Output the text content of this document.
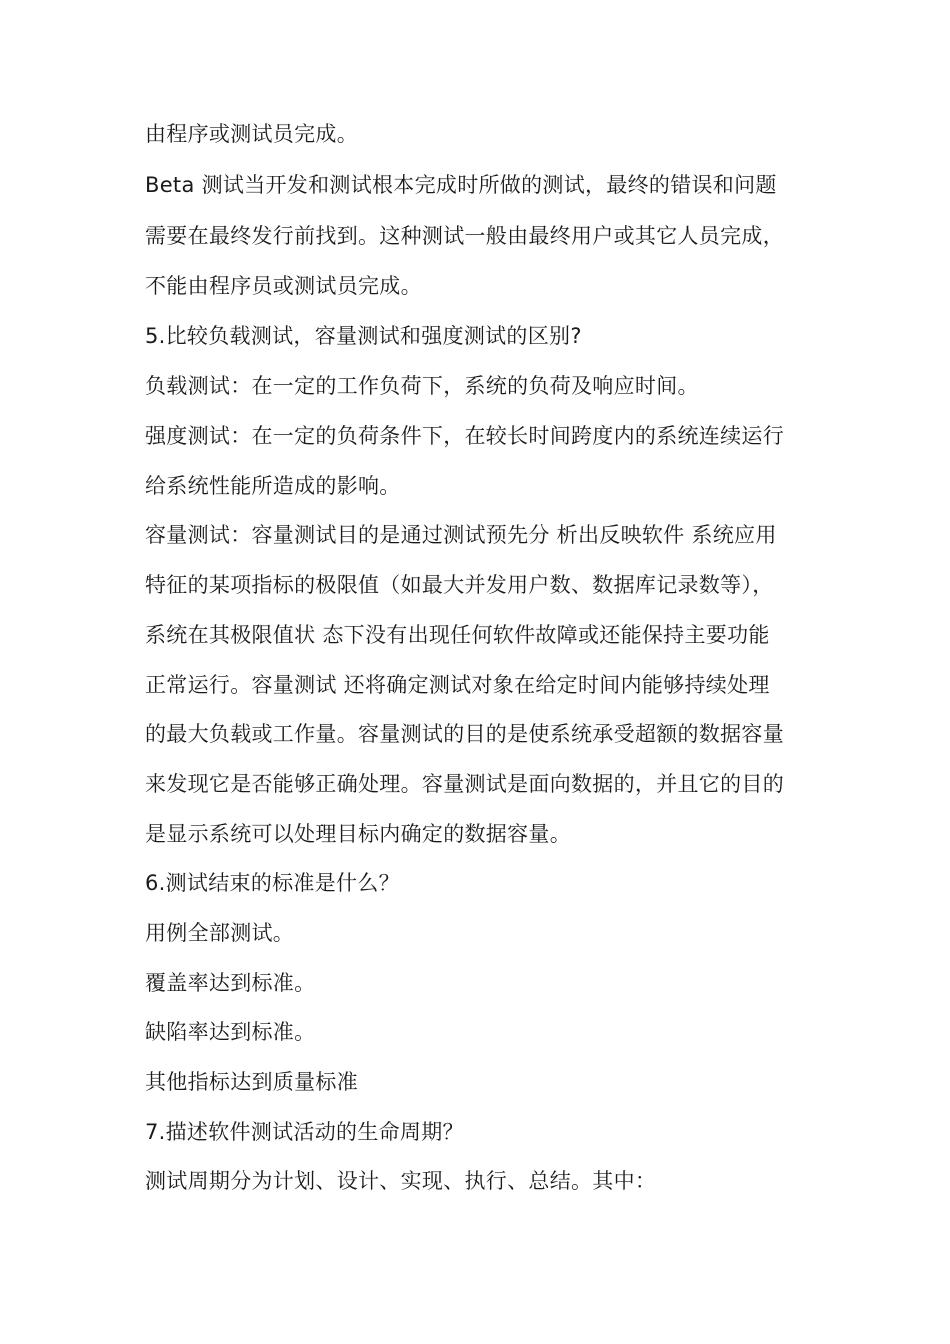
由程序或测试员完成。
Beta 测试当开发和测试根本完成时所做的测试，最终的错误和问题
需要在最终发行前找到。这种测试一般由最终用户或其它人员完成，
不能由程序员或测试员完成。
5.比较负载测试，容量测试和强度测试的区别?
负载测试：在一定的工作负荷下，系统的负荷及响应时间。
强度测试：在一定的负荷条件下，在较长时间跨度内的系统连续运行
给系统性能所造成的影响。
容量测试：容量测试目的是通过测试预先分 析出反映软件 系统应用
特征的某项指标的极限值（如最大并发用户数、数据库记录数等），
系统在其极限值状 态下没有出现任何软件故障或还能保持主要功能
正常运行。容量测试 还将确定测试对象在给定时间内能够持续处理
的最大负载或工作量。容量测试的目的是使系统承受超额的数据容量
来发现它是否能够正确处理。容量测试是面向数据的，并且它的目的
是显示系统可以处理目标内确定的数据容量。
6.测试结束的标准是什么？
用例全部测试。
覆盖率达到标准。
缺陷率达到标准。
其他指标达到质量标准
7.描述软件测试活动的生命周期？
测试周期分为计划、设计、实现、执行、总结。其中：
